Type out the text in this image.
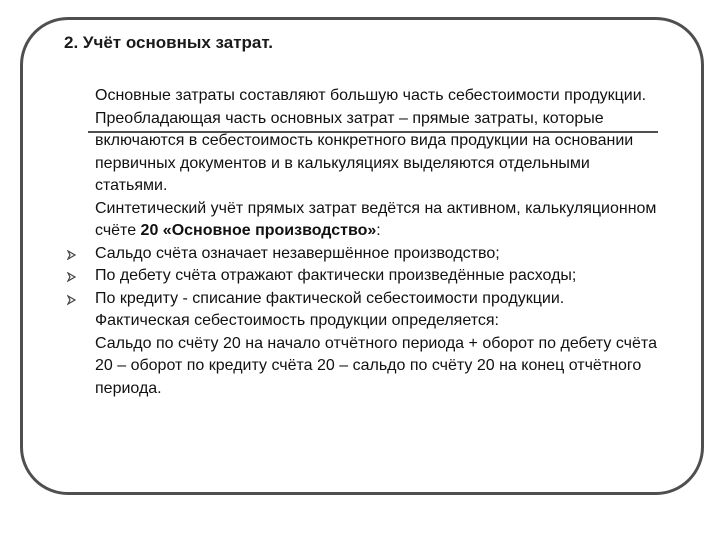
2. Учёт основных затрат.

Основные затраты составляют большую часть себестоимости продукции. Преобладающая часть основных затрат – прямые затраты, которые включаются в себестоимость конкретного вида продукции на основании первичных документов и в калькуляциях выделяются отдельными статьями.

Синтетический учёт прямых затрат ведётся на активном, калькуляционном счёте 20 «Основное производство»:

Сальдо счёта означает незавершённое производство;

По дебету счёта отражают фактически произведённые расходы;

По кредиту - списание фактической себестоимости продукции.

Фактическая себестоимость продукции определяется:

Сальдо по счёту 20 на начало отчётного периода + оборот по дебету счёта 20 – оборот по кредиту счёта 20 – сальдо по счёту 20 на конец отчётного периода.
